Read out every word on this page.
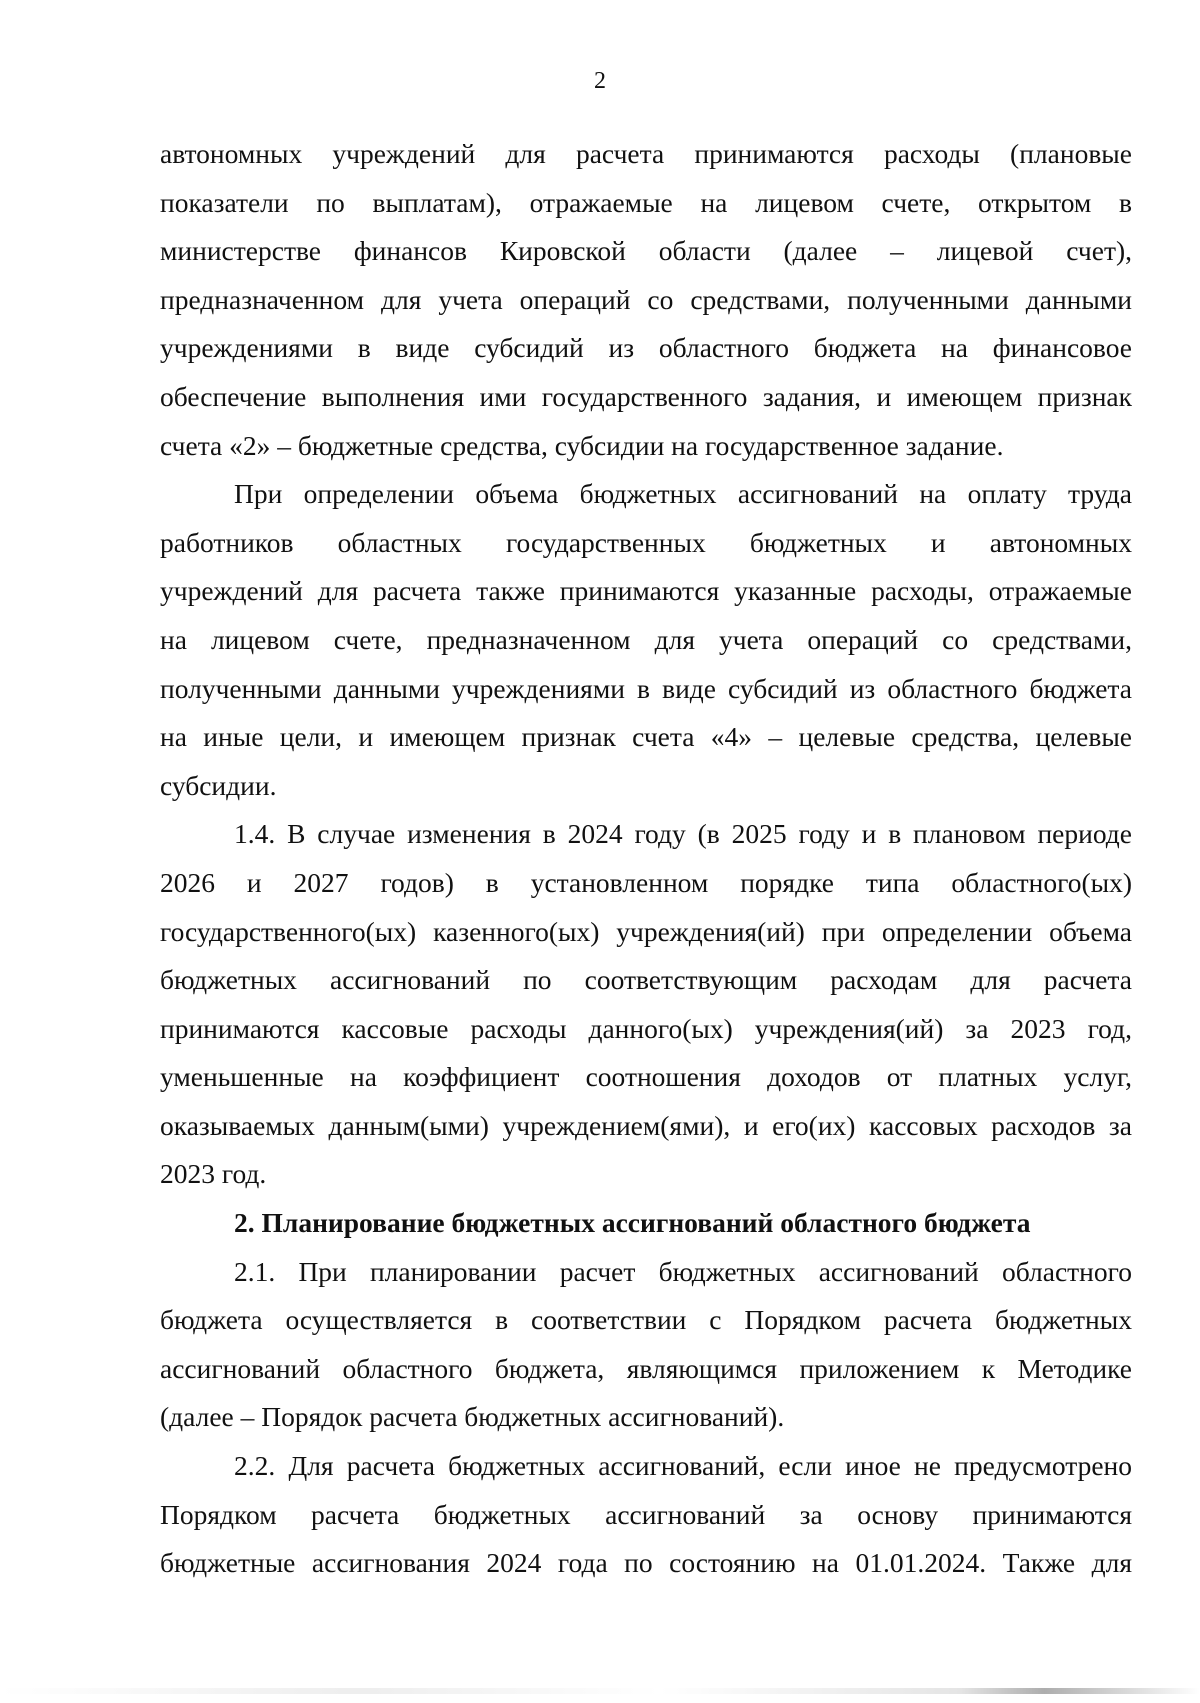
2
автономных учреждений для расчета принимаются расходы (плановые
показатели по выплатам), отражаемые на лицевом счете, открытом в
министерстве финансов Кировской области (далее – лицевой счет),
предназначенном для учета операций со средствами, полученными данными
учреждениями в виде субсидий из областного бюджета на финансовое
обеспечение выполнения ими государственного задания, и имеющем признак
счета «2» – бюджетные средства, субсидии на государственное задание.
При определении объема бюджетных ассигнований на оплату труда
работников областных государственных бюджетных и автономных
учреждений для расчета также принимаются указанные расходы, отражаемые
на лицевом счете, предназначенном для учета операций со средствами,
полученными данными учреждениями в виде субсидий из областного бюджета
на иные цели, и имеющем признак счета «4» – целевые средства, целевые
субсидии.
1.4. В случае изменения в 2024 году (в 2025 году и в плановом периоде
2026 и 2027 годов) в установленном порядке типа областного(ых)
государственного(ых) казенного(ых) учреждения(ий) при определении объема
бюджетных ассигнований по соответствующим расходам для расчета
принимаются кассовые расходы данного(ых) учреждения(ий) за 2023 год,
уменьшенные на коэффициент соотношения доходов от платных услуг,
оказываемых данным(ыми) учреждением(ями), и его(их) кассовых расходов за
2023 год.
2. Планирование бюджетных ассигнований областного бюджета
2.1. При планировании расчет бюджетных ассигнований областного
бюджета осуществляется в соответствии с Порядком расчета бюджетных
ассигнований областного бюджета, являющимся приложением к Методике
(далее – Порядок расчета бюджетных ассигнований).
2.2. Для расчета бюджетных ассигнований, если иное не предусмотрено
Порядком расчета бюджетных ассигнований за основу принимаются
бюджетные ассигнования 2024 года по состоянию на 01.01.2024. Также для
